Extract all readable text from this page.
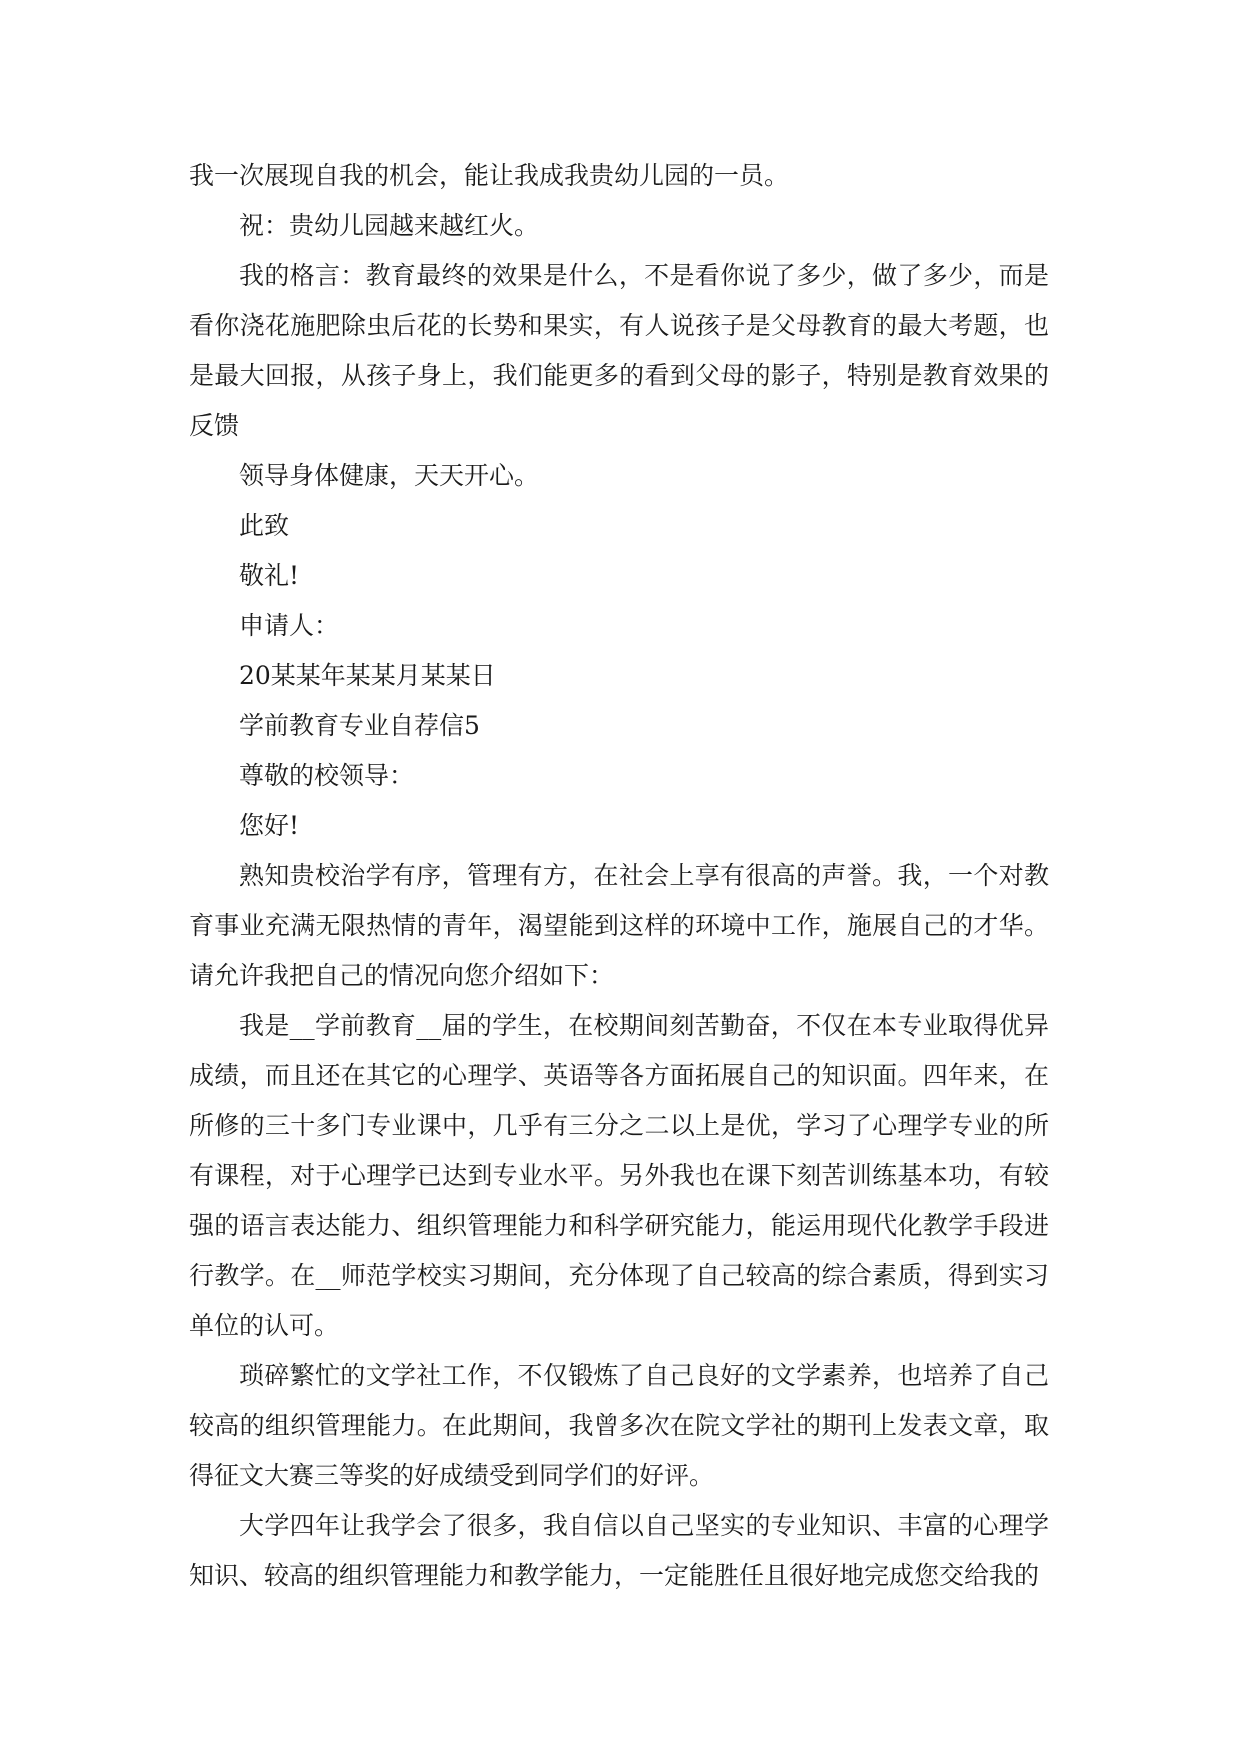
我一次展现自我的机会，能让我成我贵幼儿园的一员。

祝：贵幼儿园越来越红火。

我的格言：教育最终的效果是什么，不是看你说了多少，做了多少，而是看你浇花施肥除虫后花的长势和果实，有人说孩子是父母教育的最大考题，也是最大回报，从孩子身上，我们能更多的看到父母的影子，特别是教育效果的反馈

领导身体健康，天天开心。

此致

敬礼!

申请人：

20某某年某某月某某日

学前教育专业自荐信5

尊敬的校领导：

您好!

熟知贵校治学有序，管理有方，在社会上享有很高的声誉。我，一个对教育事业充满无限热情的青年，渴望能到这样的环境中工作，施展自己的才华。请允许我把自己的情况向您介绍如下：

我是__学前教育__届的学生，在校期间刻苦勤奋，不仅在本专业取得优异成绩，而且还在其它的心理学、英语等各方面拓展自己的知识面。四年来，在所修的三十多门专业课中，几乎有三分之二以上是优，学习了心理学专业的所有课程，对于心理学已达到专业水平。另外我也在课下刻苦训练基本功，有较强的语言表达能力、组织管理能力和科学研究能力，能运用现代化教学手段进行教学。在__师范学校实习期间，充分体现了自己较高的综合素质，得到实习单位的认可。

琐碎繁忙的文学社工作，不仅锻炼了自己良好的文学素养，也培养了自己较高的组织管理能力。在此期间，我曾多次在院文学社的期刊上发表文章，取得征文大赛三等奖的好成绩受到同学们的好评。

大学四年让我学会了很多，我自信以自己坚实的专业知识、丰富的心理学知识、较高的组织管理能力和教学能力，一定能胜任且很好地完成您交给我的
